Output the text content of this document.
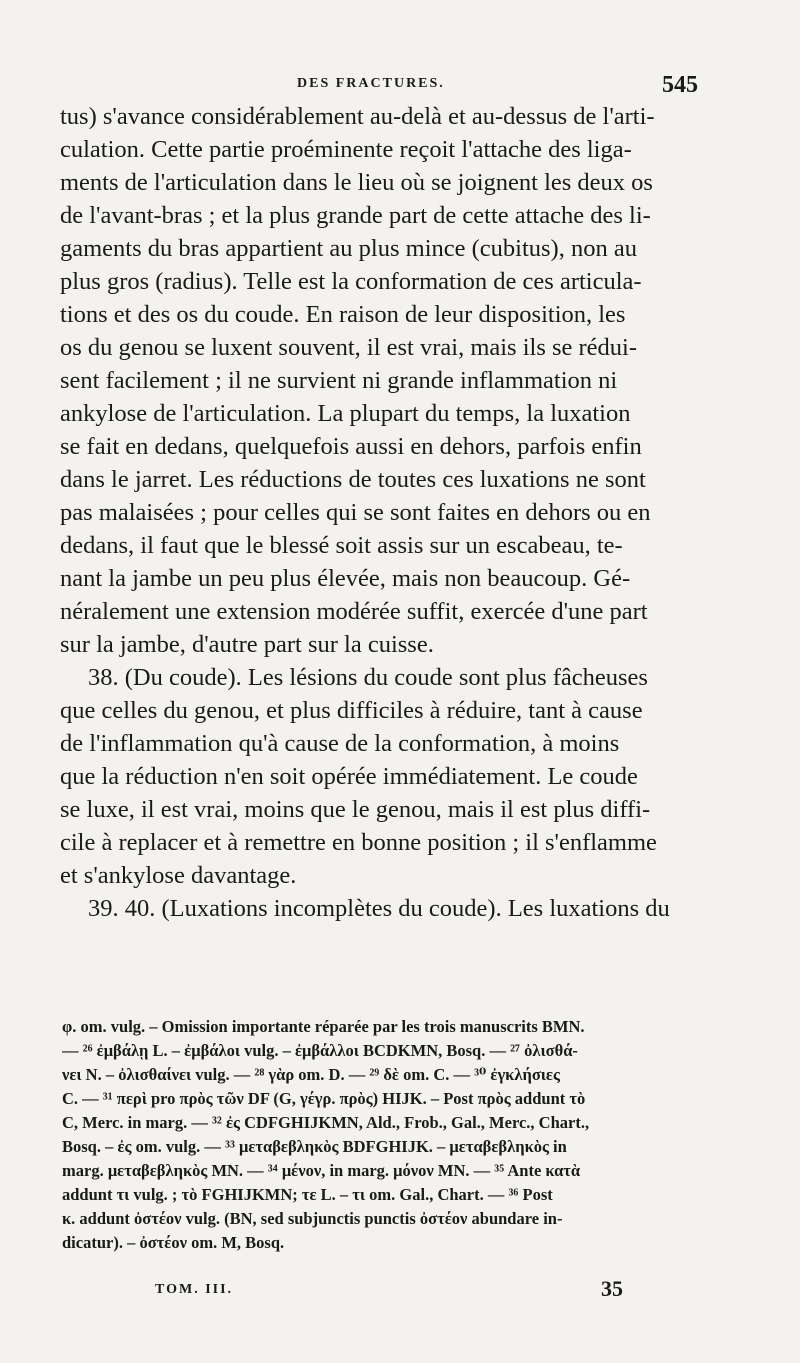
DES FRACTURES.	545
tus) s'avance considérablement au-delà et au-dessus de l'arti-
culation. Cette partie proéminente reçoit l'attache des liga-
ments de l'articulation dans le lieu où se joignent les deux os
de l'avant-bras ; et la plus grande part de cette attache des li-
gaments du bras appartient au plus mince (cubitus), non au
plus gros (radius). Telle est la conformation de ces articula-
tions et des os du coude. En raison de leur disposition, les
os du genou se luxent souvent, il est vrai, mais ils se rédui-
sent facilement ; il ne survient ni grande inflammation ni
ankylose de l'articulation. La plupart du temps, la luxation
se fait en dedans, quelquefois aussi en dehors, parfois enfin
dans le jarret. Les réductions de toutes ces luxations ne sont
pas malaisées ; pour celles qui se sont faites en dehors ou en
dedans, il faut que le blessé soit assis sur un escabeau, te-
nant la jambe un peu plus élevée, mais non beaucoup. Gé-
néralement une extension modérée suffit, exercée d'une part
sur la jambe, d'autre part sur la cuisse.
38. (Du coude). Les lésions du coude sont plus fâcheuses
que celles du genou, et plus difficiles à réduire, tant à cause
de l'inflammation qu'à cause de la conformation, à moins
que la réduction n'en soit opérée immédiatement. Le coude
se luxe, il est vrai, moins que le genou, mais il est plus diffi-
cile à replacer et à remettre en bonne position ; il s'enflamme
et s'ankylose davantage.
39. 40. (Luxations incomplètes du coude). Les luxations du
φ. om. vulg. – Omission importante réparée par les trois manuscrits BMN.
— ²⁶ ἐμβάλῃ L. – ἐμβάλοι vulg. – ἐμβάλλοι BCDKMN, Bosq. — ²⁷ ὀλισθά-
νει N. – ὀλισθαίνει vulg. — ²⁸ γὰρ om. D. — ²⁹ δὲ om. C. — ³⁰ ἐγκλήσιες
C. — ³¹ περὶ pro πρὸς τῶν DF (G, γέγρ. πρὸς) HIJK. – Post πρὸς addunt τὸ
C, Merc. in marg. — ³² ἐς CDFGHIJKMN, Ald., Frob., Gal., Merc., Chart.,
Bosq. – ἐς om. vulg. — ³³ μεταβεβληκὸς BDFGHIJK. – μεταβεβληκὸς in
marg. μεταβεβληκὸς MN. — ³⁴ μένον, in marg. μόνον MN. — ³⁵ Ante κατὰ
addunt τι vulg. ; τὸ FGHIJKMN; τε L. – τι om. Gal., Chart. — ³⁶ Post
κ. addunt ὀστέον vulg. (BN, sed subjunctis punctis ὀστέον abundare in-
dicatur). – ὀστέον om. M, Bosq.
TOM. III.	35
